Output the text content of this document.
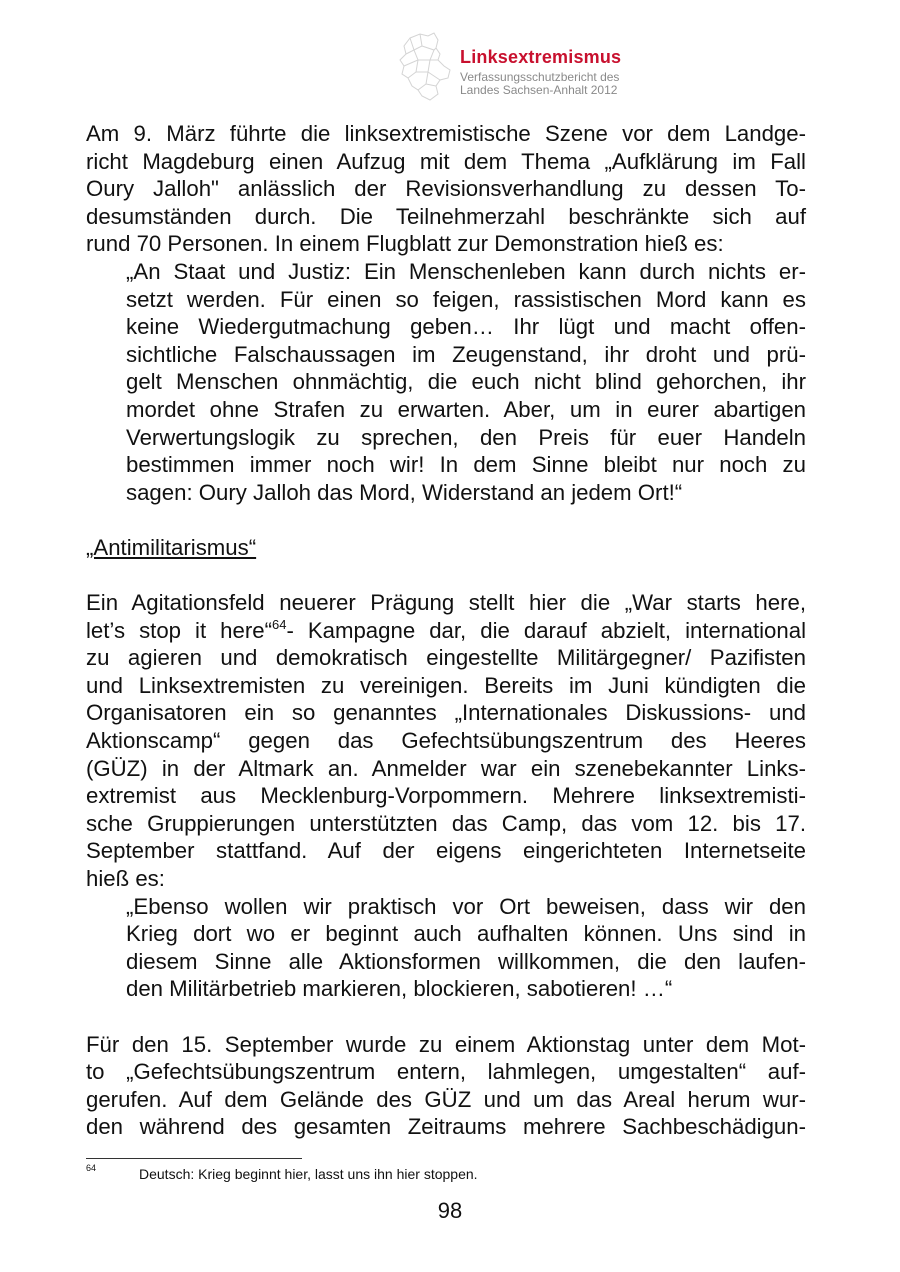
Linksextremismus
Verfassungsschutzbericht des
Landes Sachsen-Anhalt 2012
Am 9. März führte die linksextremistische Szene vor dem Landge-
richt Magdeburg einen Aufzug mit dem Thema „Aufklärung im Fall
Oury Jalloh" anlässlich der Revisionsverhandlung zu dessen To-
desumständen durch. Die Teilnehmerzahl beschränkte sich auf
rund 70 Personen. In einem Flugblatt zur Demonstration hieß es:
„An Staat und Justiz: Ein Menschenleben kann durch nichts er-
setzt werden. Für einen so feigen, rassistischen Mord kann es
keine Wiedergutmachung geben… Ihr lügt und macht offen-
sichtliche Falschaussagen im Zeugenstand, ihr droht und prü-
gelt Menschen ohnmächtig, die euch nicht blind gehorchen, ihr
mordet ohne Strafen zu erwarten. Aber, um in eurer abartigen
Verwertungslogik zu sprechen, den Preis für euer Handeln
bestimmen immer noch wir! In dem Sinne bleibt nur noch zu
sagen: Oury Jalloh das Mord, Widerstand an jedem Ort!“
„Antimilitarismus“
Ein Agitationsfeld neuerer Prägung stellt hier die „War starts here,
let’s stop it here“$^{64}$- Kampagne dar, die darauf abzielt, international
zu agieren und demokratisch eingestellte Militärgegner/ Pazifisten
und Linksextremisten zu vereinigen. Bereits im Juni kündigten die
Organisatoren ein so genanntes „Internationales Diskussions- und
Aktionscamp“ gegen das Gefechtsübungszentrum des Heeres
(GÜZ) in der Altmark an. Anmelder war ein szenebekannter Links-
extremist aus Mecklenburg-Vorpommern. Mehrere linksextremisti-
sche Gruppierungen unterstützten das Camp, das vom 12. bis 17.
September stattfand. Auf der eigens eingerichteten Internetseite
hieß es:
„Ebenso wollen wir praktisch vor Ort beweisen, dass wir den
Krieg dort wo er beginnt auch aufhalten können. Uns sind in
diesem Sinne alle Aktionsformen willkommen, die den laufen-
den Militärbetrieb markieren, blockieren, sabotieren! …“
Für den 15. September wurde zu einem Aktionstag unter dem Mot-
to „Gefechtsübungszentrum entern, lahmlegen, umgestalten“ auf-
gerufen. Auf dem Gelände des GÜZ und um das Areal herum wur-
den während des gesamten Zeitraums mehrere Sachbeschädigun-
64	Deutsch: Krieg beginnt hier, lasst uns ihn hier stoppen.
98
